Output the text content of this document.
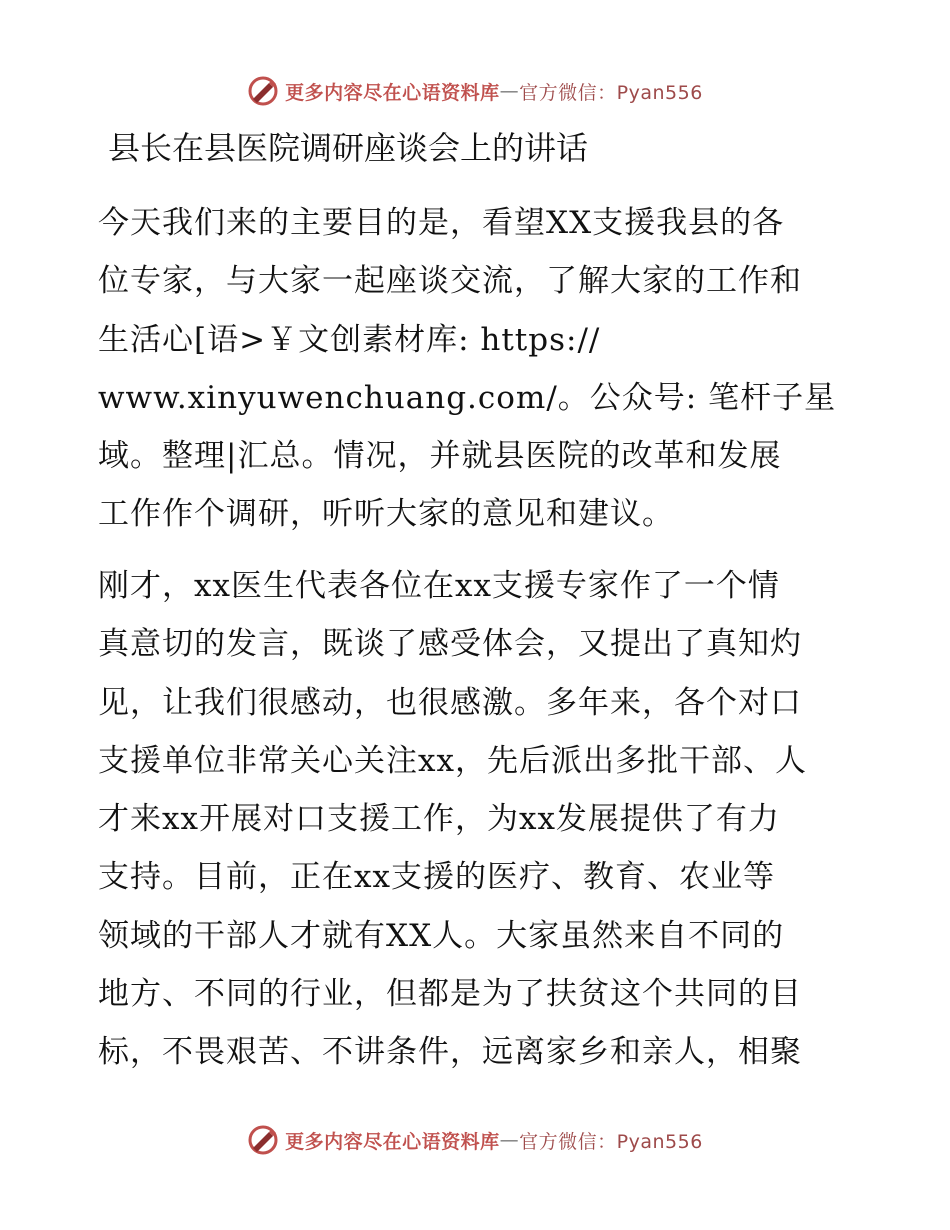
更多内容尽在心语资料库 — 官方微信：Pyan556
县长在县医院调研座谈会上的讲话
今天我们来的主要目的是，看望XX支援我县的各
位专家，与大家一起座谈交流，了解大家的工作和
生活心[语>￥文创素材库: https://
www.xinyuwenchuang.com/。公众号: 笔杆子星
域。整理|汇总。情况，并就县医院的改革和发展
工作作个调研，听听大家的意见和建议。
刚才，xx医生代表各位在xx支援专家作了一个情
真意切的发言，既谈了感受体会，又提出了真知灼
见，让我们很感动，也很感激。多年来，各个对口
支援单位非常关心关注xx，先后派出多批干部、人
才来xx开展对口支援工作，为xx发展提供了有力
支持。目前，正在xx支援的医疗、教育、农业等
领域的干部人才就有XX人。大家虽然来自不同的
地方、不同的行业，但都是为了扶贫这个共同的目
标，不畏艰苦、不讲条件，远离家乡和亲人，相聚
更多内容尽在心语资料库 — 官方微信：Pyan556
